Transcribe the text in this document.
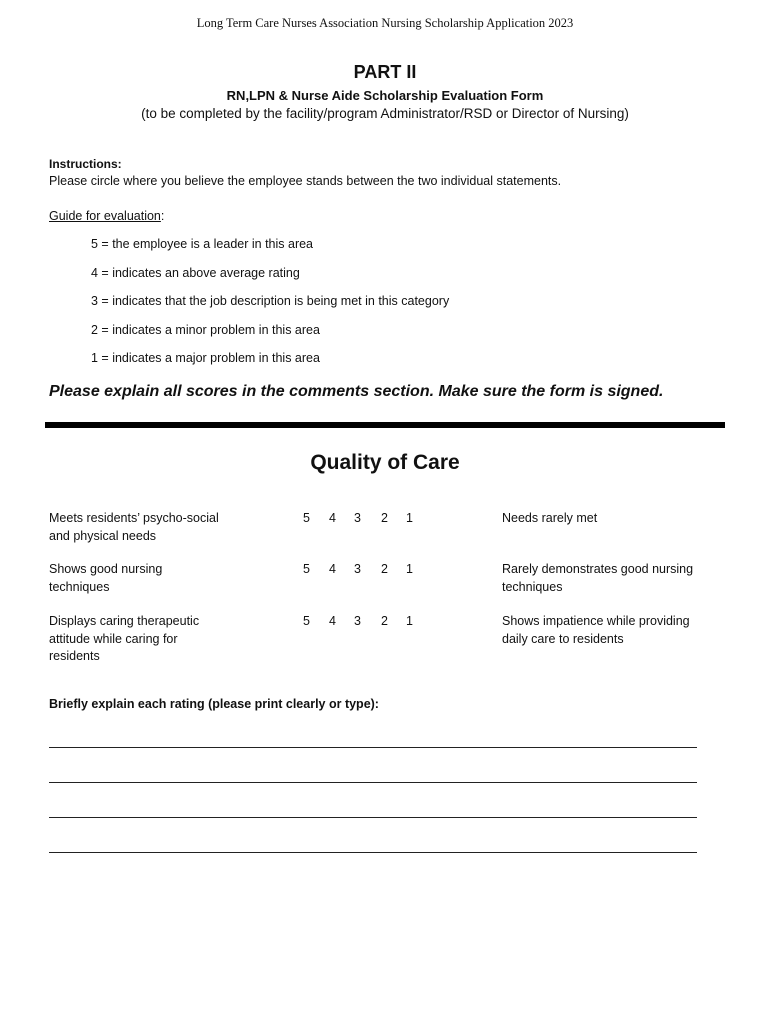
Long Term Care Nurses Association Nursing Scholarship Application 2023
PART II
RN,LPN & Nurse Aide Scholarship Evaluation Form
(to be completed by the facility/program Administrator/RSD or Director of Nursing)
Instructions:
Please circle where you believe the employee stands between the two individual statements.
Guide for evaluation:
5 = the employee is a leader in this area
4 = indicates an above average rating
3 = indicates that the job description is being met in this category
2 = indicates a minor problem in this area
1 = indicates a major problem in this area
Please explain all scores in the comments section. Make sure the form is signed.
Quality of Care
Meets residents’ psycho-social and physical needs
5 4 3 2 1	Needs rarely met
Shows good nursing techniques
5 4 3 2 1	Rarely demonstrates good nursing techniques
Displays caring therapeutic attitude while caring for residents
5 4 3 2 1	Shows impatience while providing daily care to residents
Briefly explain each rating (please print clearly or type):
